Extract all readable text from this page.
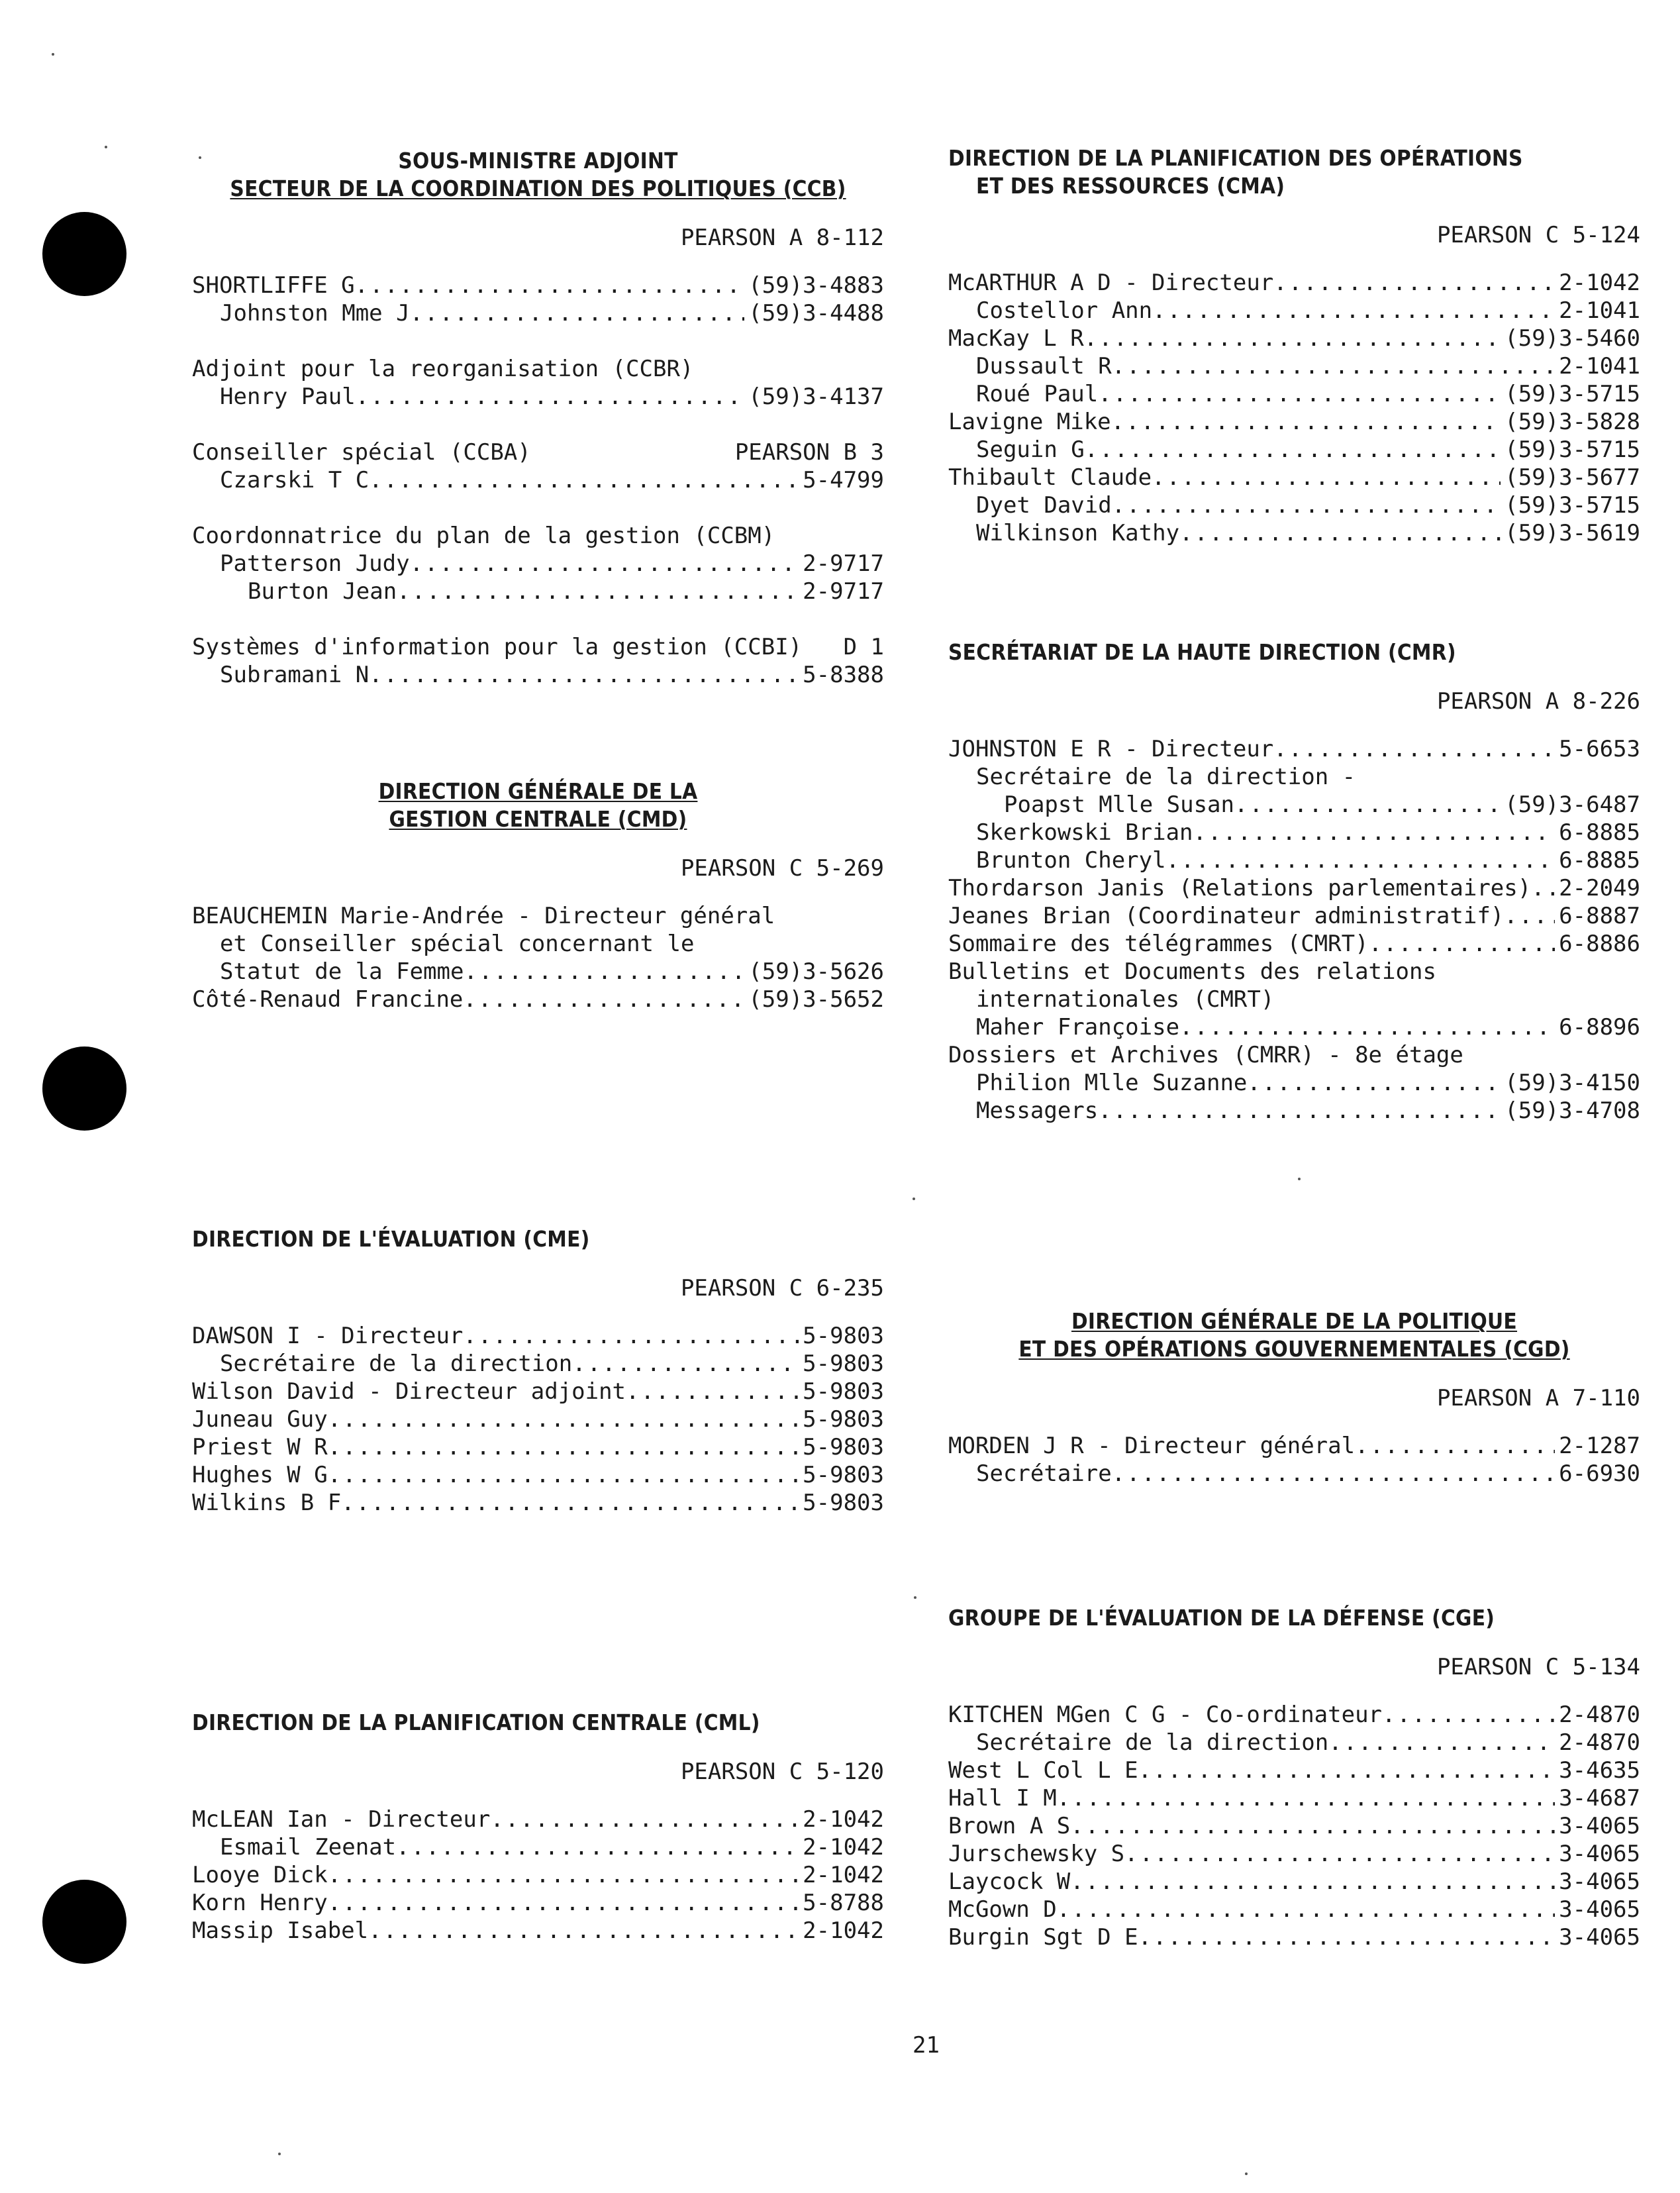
SOUS-MINISTRE ADJOINT
SECTEUR DE LA COORDINATION DES POLITIQUES (CCB)
PEARSON A 8-112
SHORTLIFFE G .....	(59)3-4883
Johnston Mme J .....	(59)3-4488
Adjoint pour la reorganisation (CCBR)
Henry Paul .....	(59)3-4137
Conseiller spécial (CCBA)	PEARSON B 3
Czarski T C .....	5-4799
Coordonnatrice du plan de la gestion (CCBM)
Patterson Judy .....	2-9717
Burton Jean .....	2-9717
Systèmes d'information pour la gestion (CCBI) D 1
Subramani N .....	5-8388
DIRECTION GÉNÉRALE DE LA
GESTION CENTRALE (CMD)
PEARSON C 5-269
BEAUCHEMIN Marie-Andrée - Directeur général
et Conseiller spécial concernant le
Statut de la Femme .....	(59)3-5626
Côté-Renaud Francine .....	(59)3-5652
DIRECTION DE L'ÉVALUATION (CME)
PEARSON C 6-235
DAWSON I - Directeur .....	5-9803
Secrétaire de la direction .....	5-9803
Wilson David - Directeur adjoint .....	5-9803
Juneau Guy .....	5-9803
Priest W R .....	5-9803
Hughes W G .....	5-9803
Wilkins B F .....	5-9803
DIRECTION DE LA PLANIFICATION CENTRALE (CML)
PEARSON C 5-120
McLEAN Ian - Directeur .....	2-1042
Esmail Zeenat .....	2-1042
Looye Dick .....	2-1042
Korn Henry .....	5-8788
Massip Isabel .....	2-1042
DIRECTION DE LA PLANIFICATION DES OPÉRATIONS
ET DES RESSOURCES (CMA)
PEARSON C 5-124
McARTHUR A D - Directeur .....	2-1042
Costellor Ann .....	2-1041
MacKay L R .....	(59)3-5460
Dussault R .....	2-1041
Roué Paul .....	(59)3-5715
Lavigne Mike .....	(59)3-5828
Seguin G .....	(59)3-5715
Thibault Claude .....	(59)3-5677
Dyet David .....	(59)3-5715
Wilkinson Kathy .....	(59)3-5619
SECRÉTARIAT DE LA HAUTE DIRECTION (CMR)
PEARSON A 8-226
JOHNSTON E R - Directeur .....	5-6653
Secrétaire de la direction -
Poapst Mlle Susan .....	(59)3-6487
Skerkowski Brian .....	6-8885
Brunton Cheryl .....	6-8885
Thordarson Janis (Relations parlementaires) ..... 2-2049
Jeanes Brian (Coordinateur administratif) ..... 6-8887
Sommaire des télégrammes (CMRT) .....	6-8886
Bulletins et Documents des relations
internationales (CMRT)
Maher Françoise .....	6-8896
Dossiers et Archives (CMRR) - 8e étage
Philion Mlle Suzanne .....	(59)3-4150
Messagers .....	(59)3-4708
DIRECTION GÉNÉRALE DE LA POLITIQUE
ET DES OPÉRATIONS GOUVERNEMENTALES (CGD)
PEARSON A 7-110
MORDEN J R - Directeur général .....	2-1287
Secrétaire .....	6-6930
GROUPE DE L'ÉVALUATION DE LA DÉFENSE (CGE)
PEARSON C 5-134
KITCHEN MGen C G - Co-ordinateur .....	2-4870
Secrétaire de la direction .....	2-4870
West L Col L E .....	3-4635
Hall I M .....	3-4687
Brown A S .....	3-4065
Jurschewsky S .....	3-4065
Laycock W .....	3-4065
McGown D .....	3-4065
Burgin Sgt D E .....	3-4065
21
